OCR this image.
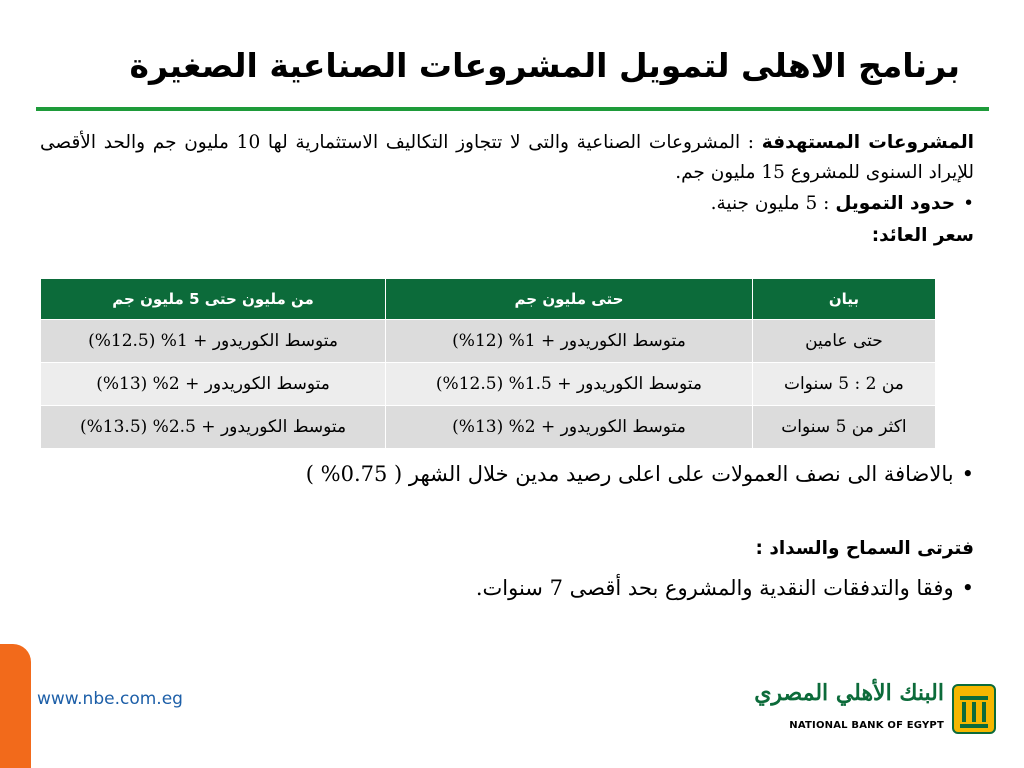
برنامج الاهلى لتمويل المشروعات الصناعية الصغيرة

المشروعات المستهدفة : المشروعات الصناعية والتى لا تتجاوز التكاليف الاستثمارية لها 10 مليون جم والحد الأقصى للإيراد السنوى للمشروع 15 مليون جم.

•حدود التمويل : 5 مليون جنية.

سعر العائد:

بيان	حتى مليون جم	من مليون حتى 5 مليون جم
حتى عامين	متوسط الكوريدور + 1% (12%)	متوسط الكوريدور + 1% (12.5%)
من 2 : 5 سنوات	متوسط الكوريدور + 1.5% (12.5%)	متوسط الكوريدور + 2% (13%)
اكثر من 5 سنوات	متوسط الكوريدور + 2% (13%)	متوسط الكوريدور + 2.5% (13.5%)
•بالاضافة الى نصف العمولات على اعلى رصيد مدين خلال الشهر ( 0.75% )
فترتى السماح والسداد :
•وفقا والتدفقات النقدية والمشروع بحد أقصى 7 سنوات.
www.nbe.com.eg	البنك الأهلي المصري
NATIONAL BANK OF EGYPT
